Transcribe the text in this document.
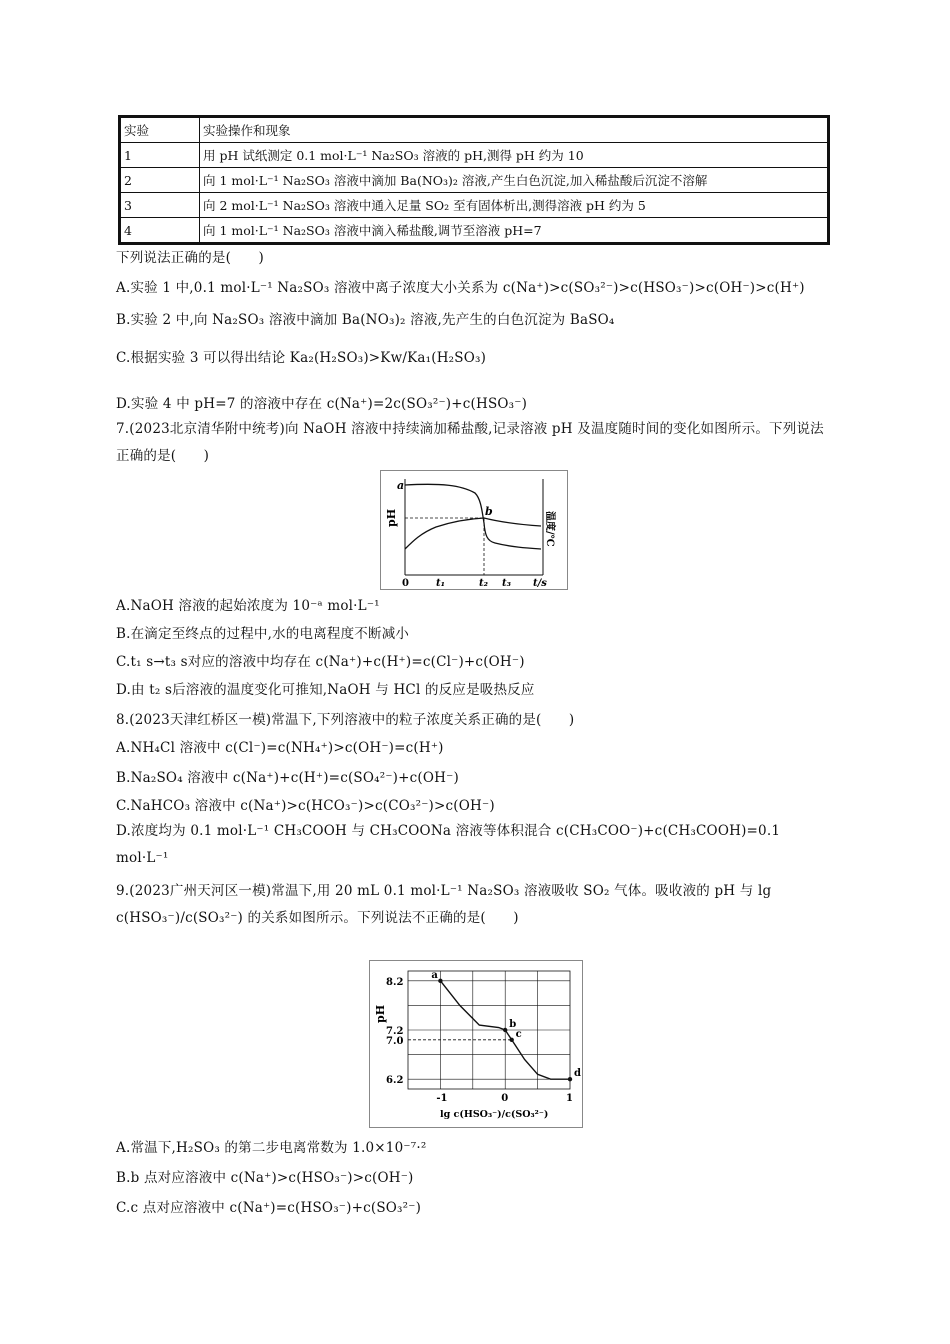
实验	实验操作和现象
1	用 pH 试纸测定 0.1 mol·L⁻¹ Na₂SO₃ 溶液的 pH,测得 pH 约为 10
2	向 1 mol·L⁻¹ Na₂SO₃ 溶液中滴加 Ba(NO₃)₂ 溶液,产生白色沉淀,加入稀盐酸后沉淀不溶解
3	向 2 mol·L⁻¹ Na₂SO₃ 溶液中通入足量 SO₂ 至有固体析出,测得溶液 pH 约为 5
4	向 1 mol·L⁻¹ Na₂SO₃ 溶液中滴入稀盐酸,调节至溶液 pH=7
下列说法正确的是(　　)
A.实验 1 中,0.1 mol·L⁻¹ Na₂SO₃ 溶液中离子浓度大小关系为 c(Na⁺)>c(SO₃²⁻)>c(HSO₃⁻)>c(OH⁻)>c(H⁺)
B.实验 2 中,向 Na₂SO₃ 溶液中滴加 Ba(NO₃)₂ 溶液,先产生的白色沉淀为 BaSO₄
C.根据实验 3 可以得出结论 Ka₂(H₂SO₃)>Kw/Ka₁(H₂SO₃)
D.实验 4 中 pH=7 的溶液中存在 c(Na⁺)=2c(SO₃²⁻)+c(HSO₃⁻)
7.(2023北京清华附中统考)向 NaOH 溶液中持续滴加稀盐酸,记录溶液 pH 及温度随时间的变化如图所示。下列说法正确的是(　　)
pH	温度/℃
a
b
0	t₁	t₂ t₃ t/s
A.NaOH 溶液的起始浓度为 10⁻ᵃ mol·L⁻¹
B.在滴定至终点的过程中,水的电离程度不断减小
C.t₁ s→t₃ s对应的溶液中均存在 c(Na⁺)+c(H⁺)=c(Cl⁻)+c(OH⁻)
D.由 t₂ s后溶液的温度变化可推知,NaOH 与 HCl 的反应是吸热反应
8.(2023天津红桥区一模)常温下,下列溶液中的粒子浓度关系正确的是(　　)
A.NH₄Cl 溶液中 c(Cl⁻)=c(NH₄⁺)>c(OH⁻)=c(H⁺)
B.Na₂SO₄ 溶液中 c(Na⁺)+c(H⁺)=c(SO₄²⁻)+c(OH⁻)
C.NaHCO₃ 溶液中 c(Na⁺)>c(HCO₃⁻)>c(CO₃²⁻)>c(OH⁻)
D.浓度均为 0.1 mol·L⁻¹ CH₃COOH 与 CH₃COONa 溶液等体积混合 c(CH₃COO⁻)+c(CH₃COOH)=0.1 mol·L⁻¹
9.(2023广州天河区一模)常温下,用 20 mL 0.1 mol·L⁻¹ Na₂SO₃ 溶液吸收 SO₂ 气体。吸收液的 pH 与 lg c(HSO₃⁻)/c(SO₃²⁻) 的关系如图所示。下列说法不正确的是(　　)
a
b
c
d
8.2
7.2
7.0
6.2
-1	0	1
pH
lg c(HSO₃⁻)/c(SO₃²⁻)
A.常温下,H₂SO₃ 的第二步电离常数为 1.0×10⁻⁷·²
B.b 点对应溶液中 c(Na⁺)>c(HSO₃⁻)>c(OH⁻)
C.c 点对应溶液中 c(Na⁺)=c(HSO₃⁻)+c(SO₃²⁻)
